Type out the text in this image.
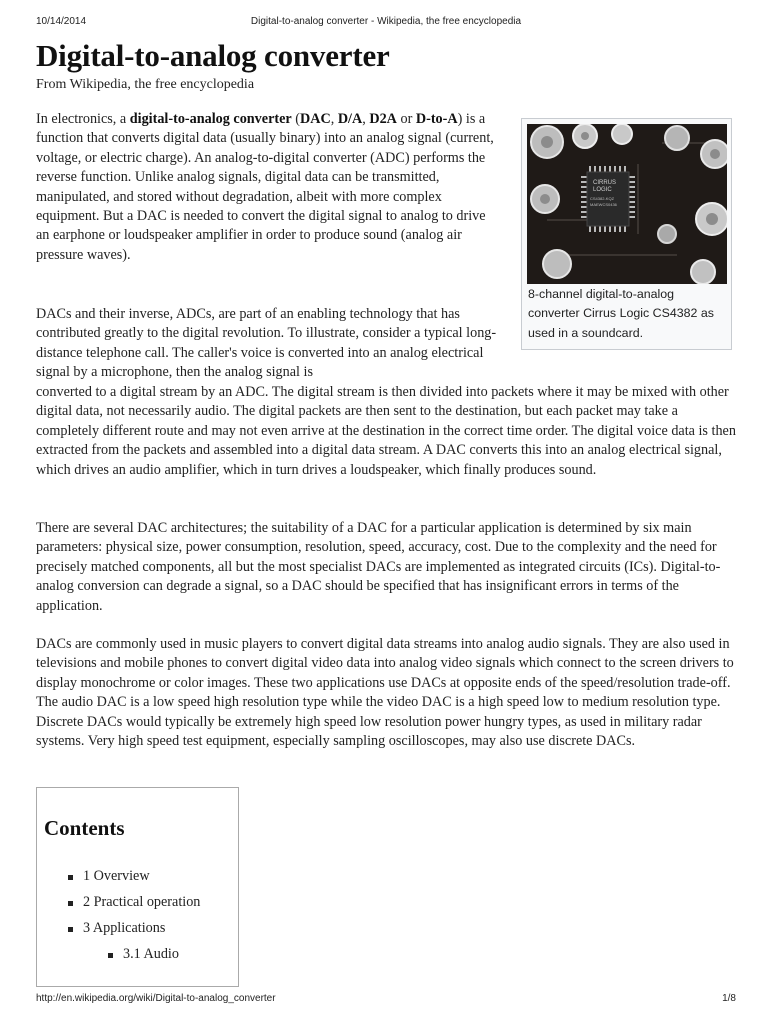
10/14/2014	Digital-to-analog converter - Wikipedia, the free encyclopedia
Digital-to-analog converter
From Wikipedia, the free encyclopedia

In electronics, a digital-to-analog converter (DAC, D/A, D2A or D-to-A) is a function that converts digital data (usually binary) into an analog signal (current, voltage, or electric charge). An analog-to-digital converter (ADC) performs the reverse function. Unlike analog signals, digital data can be transmitted, manipulated, and stored without degradation, albeit with more complex equipment. But a DAC is needed to convert the digital signal to analog to drive an earphone or loudspeaker amplifier in order to produce sound (analog air pressure waves).

CIRRUS
LOGIC
CS4382-KQZ
MAEWCS0436
8-channel digital-to-analog converter Cirrus Logic CS4382 as used in a soundcard.

DACs and their inverse, ADCs, are part of an enabling technology that has contributed greatly to the digital revolution. To illustrate, consider a typical long-distance telephone call. The caller's voice is converted into an analog electrical signal by a microphone, then the analog signal is

converted to a digital stream by an ADC. The digital stream is then divided into packets where it may be mixed with other digital data, not necessarily audio. The digital packets are then sent to the destination, but each packet may take a completely different route and may not even arrive at the destination in the correct time order. The digital voice data is then extracted from the packets and assembled into a digital data stream. A DAC converts this into an analog electrical signal, which drives an audio amplifier, which in turn drives a loudspeaker, which finally produces sound.

There are several DAC architectures; the suitability of a DAC for a particular application is determined by six main parameters: physical size, power consumption, resolution, speed, accuracy, cost. Due to the complexity and the need for precisely matched components, all but the most specialist DACs are implemented as integrated circuits (ICs). Digital-to-analog conversion can degrade a signal, so a DAC should be specified that has insignificant errors in terms of the application.

DACs are commonly used in music players to convert digital data streams into analog audio signals. They are also used in televisions and mobile phones to convert digital video data into analog video signals which connect to the screen drivers to display monochrome or color images. These two applications use DACs at opposite ends of the speed/resolution trade-off. The audio DAC is a low speed high resolution type while the video DAC is a high speed low to medium resolution type. Discrete DACs would typically be extremely high speed low resolution power hungry types, as used in military radar systems. Very high speed test equipment, especially sampling oscilloscopes, may also use discrete DACs.

Contents
1 Overview
2 Practical operation
3 Applications
3.1 Audio
http://en.wikipedia.org/wiki/Digital-to-analog_converter	1/8
